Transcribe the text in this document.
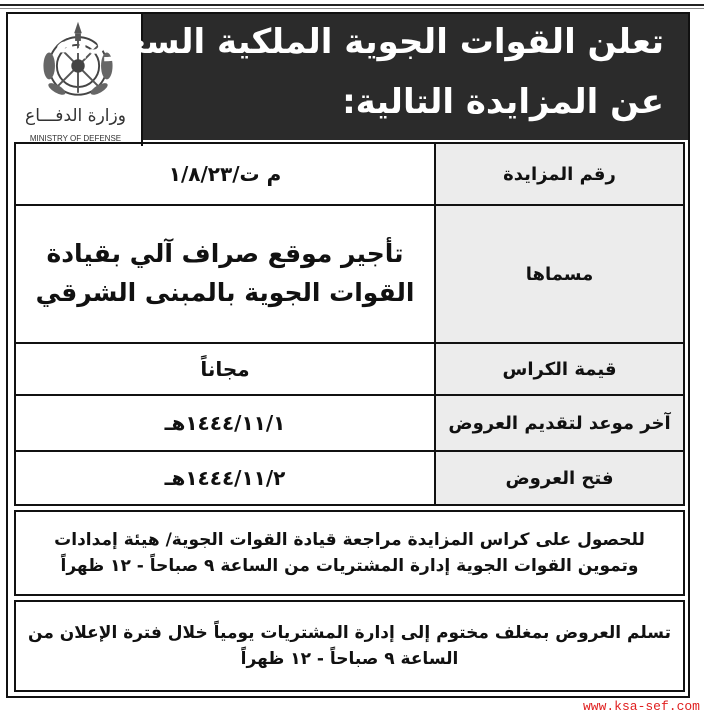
وزارة الدفـــاع
MINISTRY OF DEFENSE
تعلن القوات الجوية الملكية السعودية
عن المزايدة التالية:
رقم المزايدة
م ت/١/٨/٢٣
مسماها
تأجير موقع صراف آلي بقيادة
القوات الجوية بالمبنى الشرقي
قيمة الكراس
مجاناً
آخر موعد لتقديم العروض
١٤٤٤/١١/١هـ
فتح العروض
١٤٤٤/١١/٢هـ
للحصول على كراس المزايدة مراجعة قيادة القوات الجوية/ هيئة إمدادات
وتموين القوات الجوية إدارة المشتريات من الساعة ٩ صباحاً - ١٢ ظهراً
تسلم العروض بمغلف مختوم إلى إدارة المشتريات يومياً خلال فترة الإعلان من
الساعة ٩ صباحاً - ١٢ ظهراً
www.ksa-sef.com
